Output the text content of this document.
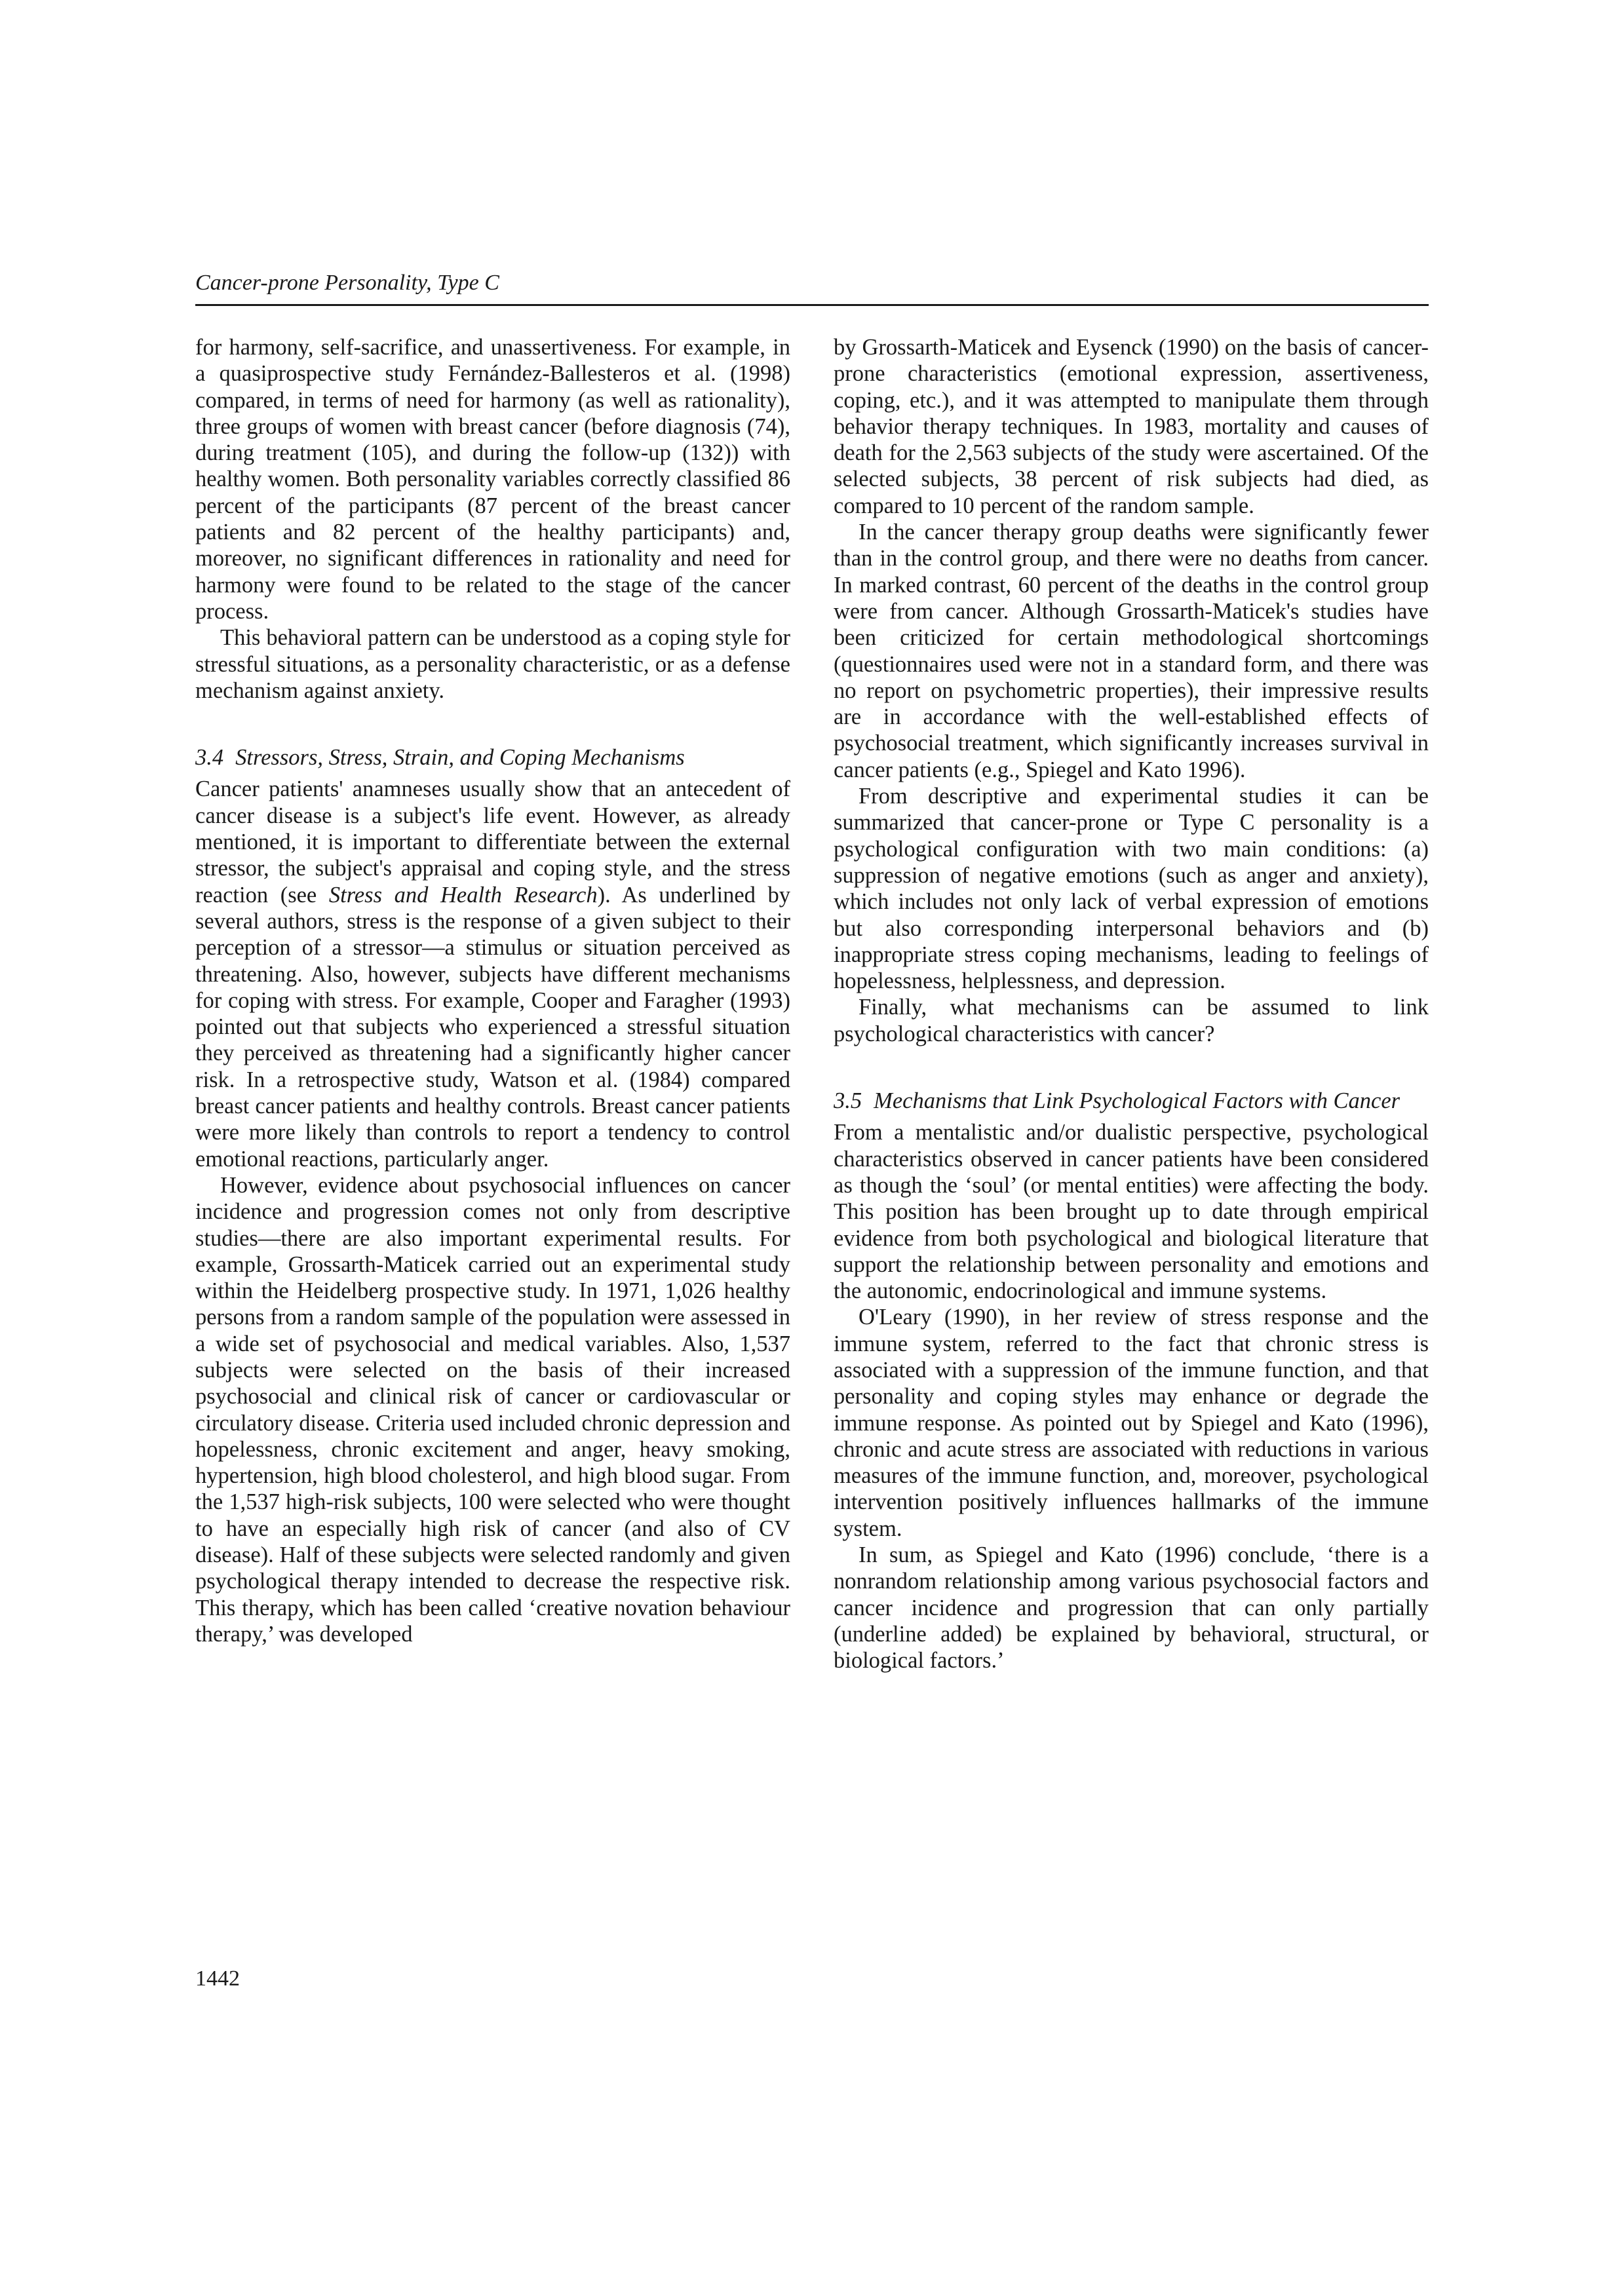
Cancer-prone Personality, Type C

for harmony, self-sacrifice, and unassertiveness. For example, in a quasiprospective study Fernández-Ballesteros et al. (1998) compared, in terms of need for harmony (as well as rationality), three groups of women with breast cancer (before diagnosis (74), during treatment (105), and during the follow-up (132)) with healthy women. Both personality variables correctly classified 86 percent of the participants (87 percent of the breast cancer patients and 82 percent of the healthy participants) and, moreover, no significant differences in rationality and need for harmony were found to be related to the stage of the cancer process.

This behavioral pattern can be understood as a coping style for stressful situations, as a personality characteristic, or as a defense mechanism against anxiety.

3.4 Stressors, Stress, Strain, and Coping Mechanisms

Cancer patients' anamneses usually show that an antecedent of cancer disease is a subject's life event. However, as already mentioned, it is important to differentiate between the external stressor, the subject's appraisal and coping style, and the stress reaction (see Stress and Health Research). As underlined by several authors, stress is the response of a given subject to their perception of a stressor—a stimulus or situation perceived as threatening. Also, however, subjects have different mechanisms for coping with stress. For example, Cooper and Faragher (1993) pointed out that subjects who experienced a stressful situation they perceived as threatening had a significantly higher cancer risk. In a retrospective study, Watson et al. (1984) compared breast cancer patients and healthy controls. Breast cancer patients were more likely than controls to report a tendency to control emotional reactions, particularly anger.

However, evidence about psychosocial influences on cancer incidence and progression comes not only from descriptive studies—there are also important experimental results. For example, Grossarth-Maticek carried out an experimental study within the Heidelberg prospective study. In 1971, 1,026 healthy persons from a random sample of the population were assessed in a wide set of psychosocial and medical variables. Also, 1,537 subjects were selected on the basis of their increased psychosocial and clinical risk of cancer or cardiovascular or circulatory disease. Criteria used included chronic depression and hopelessness, chronic excitement and anger, heavy smoking, hypertension, high blood cholesterol, and high blood sugar. From the 1,537 high-risk subjects, 100 were selected who were thought to have an especially high risk of cancer (and also of CV disease). Half of these subjects were selected randomly and given psychological therapy intended to decrease the respective risk. This therapy, which has been called ‘creative novation behaviour therapy,’ was developed

by Grossarth-Maticek and Eysenck (1990) on the basis of cancer-prone characteristics (emotional expression, assertiveness, coping, etc.), and it was attempted to manipulate them through behavior therapy techniques. In 1983, mortality and causes of death for the 2,563 subjects of the study were ascertained. Of the selected subjects, 38 percent of risk subjects had died, as compared to 10 percent of the random sample.

In the cancer therapy group deaths were significantly fewer than in the control group, and there were no deaths from cancer. In marked contrast, 60 percent of the deaths in the control group were from cancer. Although Grossarth-Maticek's studies have been criticized for certain methodological shortcomings (questionnaires used were not in a standard form, and there was no report on psychometric properties), their impressive results are in accordance with the well-established effects of psychosocial treatment, which significantly increases survival in cancer patients (e.g., Spiegel and Kato 1996).

From descriptive and experimental studies it can be summarized that cancer-prone or Type C personality is a psychological configuration with two main conditions: (a) suppression of negative emotions (such as anger and anxiety), which includes not only lack of verbal expression of emotions but also corresponding interpersonal behaviors and (b) inappropriate stress coping mechanisms, leading to feelings of hopelessness, helplessness, and depression.

Finally, what mechanisms can be assumed to link psychological characteristics with cancer?

3.5 Mechanisms that Link Psychological Factors with Cancer

From a mentalistic and/or dualistic perspective, psychological characteristics observed in cancer patients have been considered as though the ‘soul’ (or mental entities) were affecting the body. This position has been brought up to date through empirical evidence from both psychological and biological literature that support the relationship between personality and emotions and the autonomic, endocrinological and immune systems.

O'Leary (1990), in her review of stress response and the immune system, referred to the fact that chronic stress is associated with a suppression of the immune function, and that personality and coping styles may enhance or degrade the immune response. As pointed out by Spiegel and Kato (1996), chronic and acute stress are associated with reductions in various measures of the immune function, and, moreover, psychological intervention positively influences hallmarks of the immune system.

In sum, as Spiegel and Kato (1996) conclude, ‘there is a nonrandom relationship among various psychosocial factors and cancer incidence and progression that can only partially (underline added) be explained by behavioral, structural, or biological factors.’

1442
